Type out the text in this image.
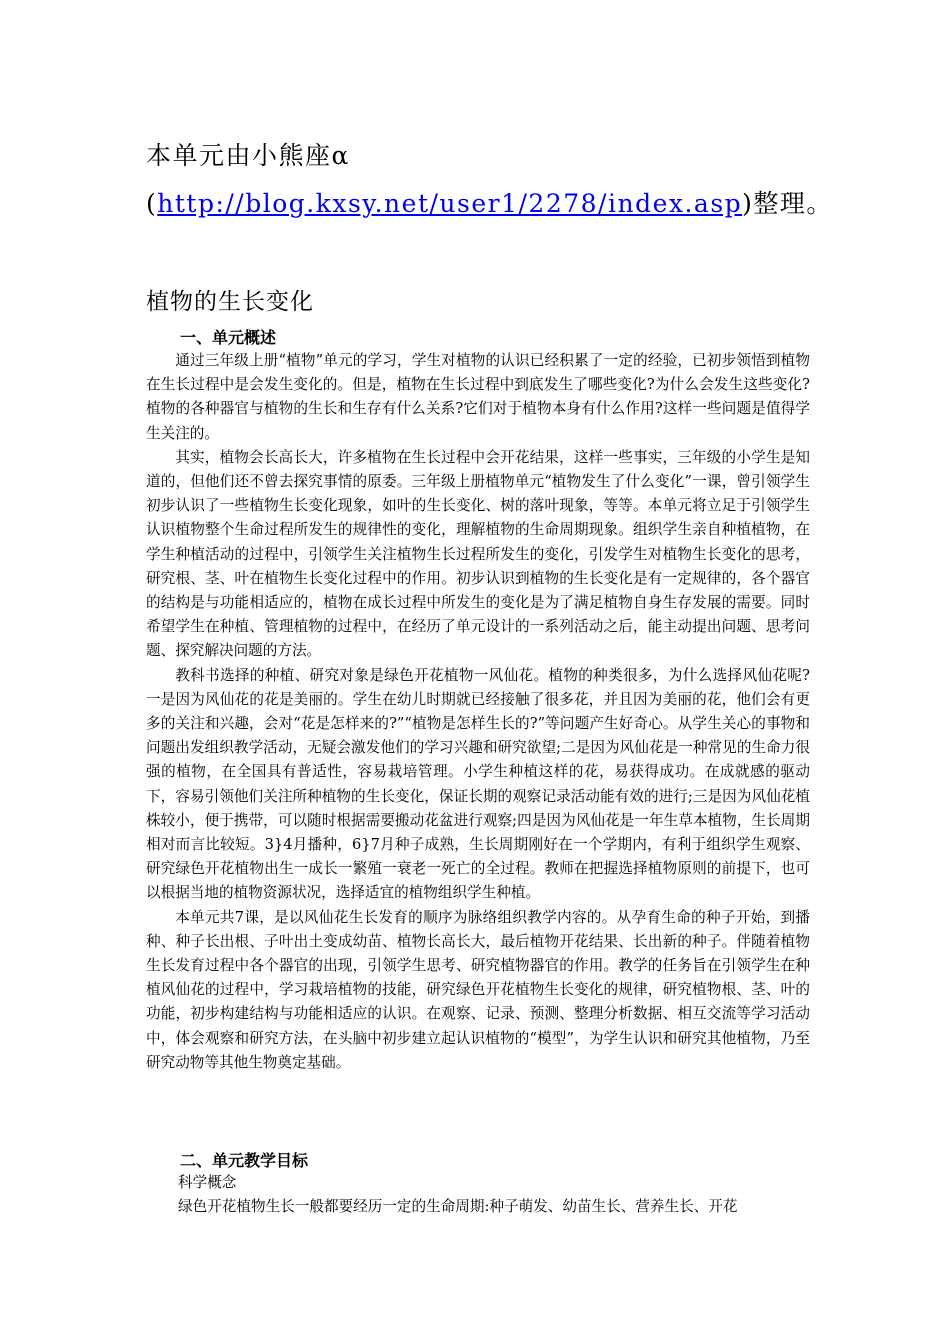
本单元由小熊座α
(http://blog.kxsy.net/user1/2278/index.asp)整理。
植物的生长变化
一、单元概述

通过三年级上册“植物”单元的学习，学生对植物的认识已经积累了一定的经验，已初步领悟到植物在生长过程中是会发生变化的。但是，植物在生长过程中到底发生了哪些变化?为什么会发生这些变化?植物的各种器官与植物的生长和生存有什么关系?它们对于植物本身有什么作用?这样一些问题是值得学生关注的。

其实，植物会长高长大，许多植物在生长过程中会开花结果，这样一些事实，三年级的小学生是知道的，但他们还不曾去探究事情的原委。三年级上册植物单元“植物发生了什么变化”一课，曾引领学生初步认识了一些植物生长变化现象，如叶的生长变化、树的落叶现象，等等。本单元将立足于引领学生认识植物整个生命过程所发生的规律性的变化，理解植物的生命周期现象。组织学生亲自种植植物，在学生种植活动的过程中，引领学生关注植物生长过程所发生的变化，引发学生对植物生长变化的思考，研究根、茎、叶在植物生长变化过程中的作用。初步认识到植物的生长变化是有一定规律的，各个器官的结构是与功能相适应的，植物在成长过程中所发生的变化是为了满足植物自身生存发展的需要。同时希望学生在种植、管理植物的过程中，在经历了单元设计的一系列活动之后，能主动提出问题、思考问题、探究解决问题的方法。

教科书选择的种植、研究对象是绿色开花植物一风仙花。植物的种类很多，为什么选择风仙花呢?一是因为风仙花的花是美丽的。学生在幼儿时期就已经接触了很多花，并且因为美丽的花，他们会有更多的关注和兴趣，会对“花是怎样来的?”“植物是怎样生长的?”等问题产生好奇心。从学生关心的事物和问题出发组织教学活动，无疑会激发他们的学习兴趣和研究欲望;二是因为风仙花是一种常见的生命力很强的植物，在全国具有普适性，容易栽培管理。小学生种植这样的花，易获得成功。在成就感的驱动下，容易引领他们关注所种植物的生长变化，保证长期的观察记录活动能有效的进行;三是因为风仙花植株较小，便于携带，可以随时根据需要搬动花盆进行观察;四是因为风仙花是一年生草本植物，生长周期相对而言比较短。3}4月播种，6}7月种子成熟，生长周期刚好在一个学期内，有利于组织学生观察、研究绿色开花植物出生一成长一繁殖一衰老一死亡的全过程。教师在把握选择植物原则的前提下，也可以根据当地的植物资源状况，选择适宜的植物组织学生种植。

本单元共7课，是以风仙花生长发育的顺序为脉络组织教学内容的。从孕育生命的种子开始，到播种、种子长出根、子叶出土变成幼苗、植物长高长大，最后植物开花结果、长出新的种子。伴随着植物生长发育过程中各个器官的出现，引领学生思考、研究植物器官的作用。教学的任务旨在引领学生在种植风仙花的过程中，学习栽培植物的技能，研究绿色开花植物生长变化的规律，研究植物根、茎、叶的功能，初步构建结构与功能相适应的认识。在观察、记录、预测、整理分析数据、相互交流等学习活动中，体会观察和研究方法，在头脑中初步建立起认识植物的“模型”，为学生认识和研究其他植物，乃至研究动物等其他生物奠定基础。

二、单元教学目标
科学概念
绿色开花植物生长一般都要经历一定的生命周期:种子萌发、幼苗生长、营养生长、开花
